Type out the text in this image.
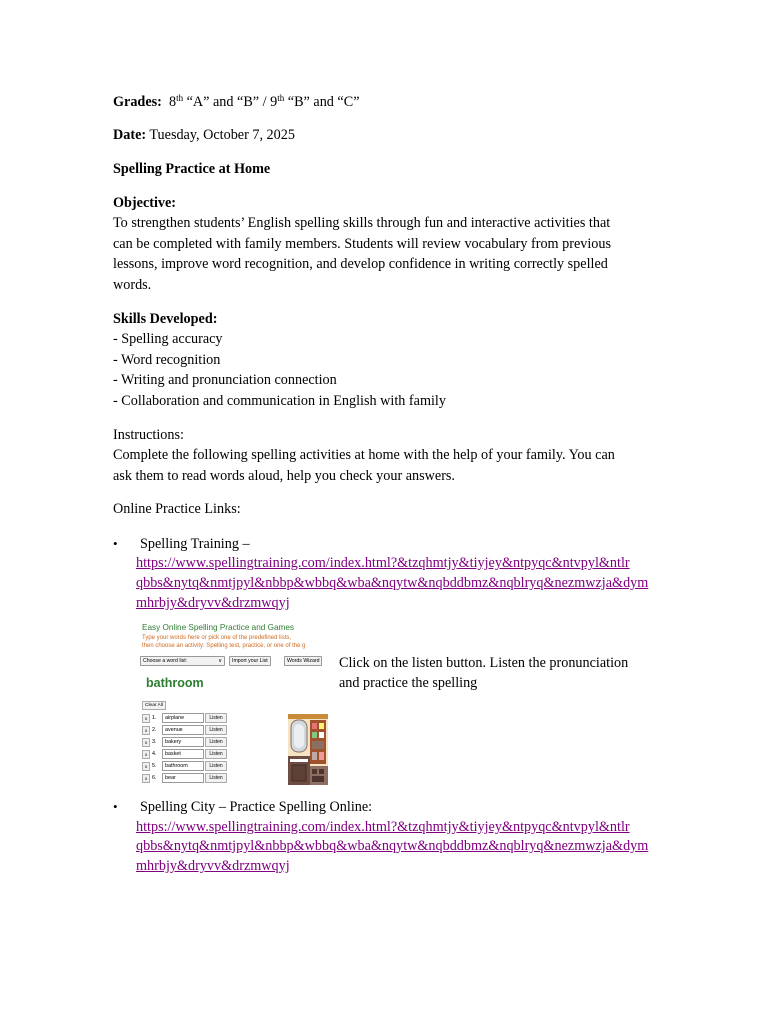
Grades: 8th “A” and “B” / 9th “B” and “C”
Date: Tuesday, October 7, 2025
Spelling Practice at Home
Objective:
To strengthen students’ English spelling skills through fun and interactive activities that
can be completed with family members. Students will review vocabulary from previous
lessons, improve word recognition, and develop confidence in writing correctly spelled
words.
Skills Developed:
- Spelling accuracy
- Word recognition
- Writing and pronunciation connection
- Collaboration and communication in English with family
Instructions:
Complete the following spelling activities at home with the help of your family. You can
ask them to read words aloud, help you check your answers.
Online Practice Links:
• Spelling Training –
https://www.spellingtraining.com/index.html?&tzqhmtjy&tiyjey&ntpyqc&ntvpyl&ntlr
qbbs&nytq&nmtjpyl&nbbp&wbbq&wba&nqytw&nqbddbmz&nqblryq&nezmwzja&dym
mhrbjy&dryvv&drzmwqyj
Click on the listen button. Listen the pronunciation
and practice the spelling
• Spelling City – Practice Spelling Online:
https://www.spellingtraining.com/index.html?&tzqhmtjy&tiyjey&ntpyqc&ntvpyl&ntlr
qbbs&nytq&nmtjpyl&nbbp&wbbq&wba&nqytw&nqbddbmz&nqblryq&nezmwzja&dym
mhrbjy&dryvv&drzmwqyj
Easy Online Spelling Practice and Games
Type your words here or pick one of the predefined lists,
then choose an activity: Spelling test, practice, or one of the g
Choose a word list:	∨	Import your List	Words Wizard
bathroom
Clear All
x 1.	airplane	Listen
x 2.	avenue	Listen
x 3.	bakery	Listen
x 4.	basket	Listen
x 5.	bathroom	Listen
x 6.	bear	Listen
